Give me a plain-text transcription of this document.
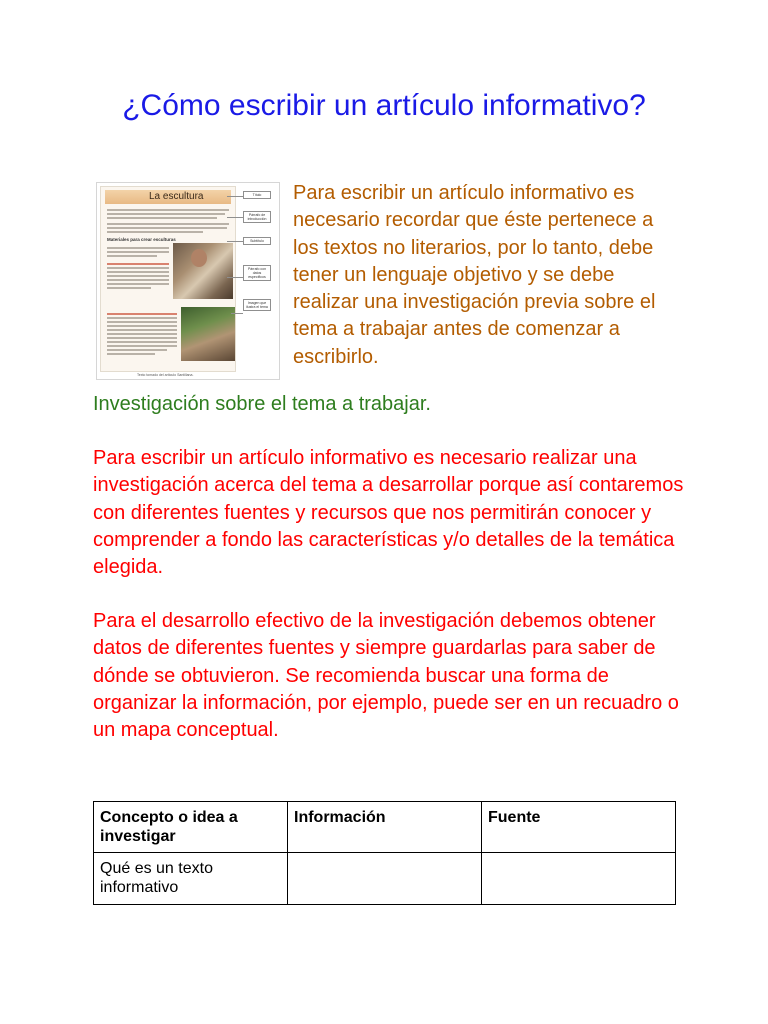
¿Cómo escribir un artículo informativo?
La escultura
Materiales para crear esculturas
Título
Párrafo de introducción
Subtítulo
Párrafo con datos específicos
Imagen que ilustra el tema
Texto tomado del artículo Santillana.

Para escribir un artículo informativo es necesario recordar que éste pertenece a los textos no literarios, por lo tanto, debe tener un lenguaje objetivo y se debe realizar una investigación previa sobre el tema a trabajar antes de comenzar a escribirlo.

Investigación sobre el tema a trabajar.

Para escribir un artículo informativo es necesario realizar una investigación acerca del tema a desarrollar porque así contaremos con diferentes fuentes y recursos que nos permitirán conocer y comprender a fondo las características y/o detalles de la temática elegida.

Para el desarrollo efectivo de la investigación debemos obtener datos de diferentes fuentes y siempre guardarlas para saber de dónde se obtuvieron. Se recomienda buscar una forma de organizar la información, por ejemplo, puede ser en un recuadro o un mapa conceptual.

Concepto o idea a investigar	Información	Fuente
Qué es un texto informativo		
